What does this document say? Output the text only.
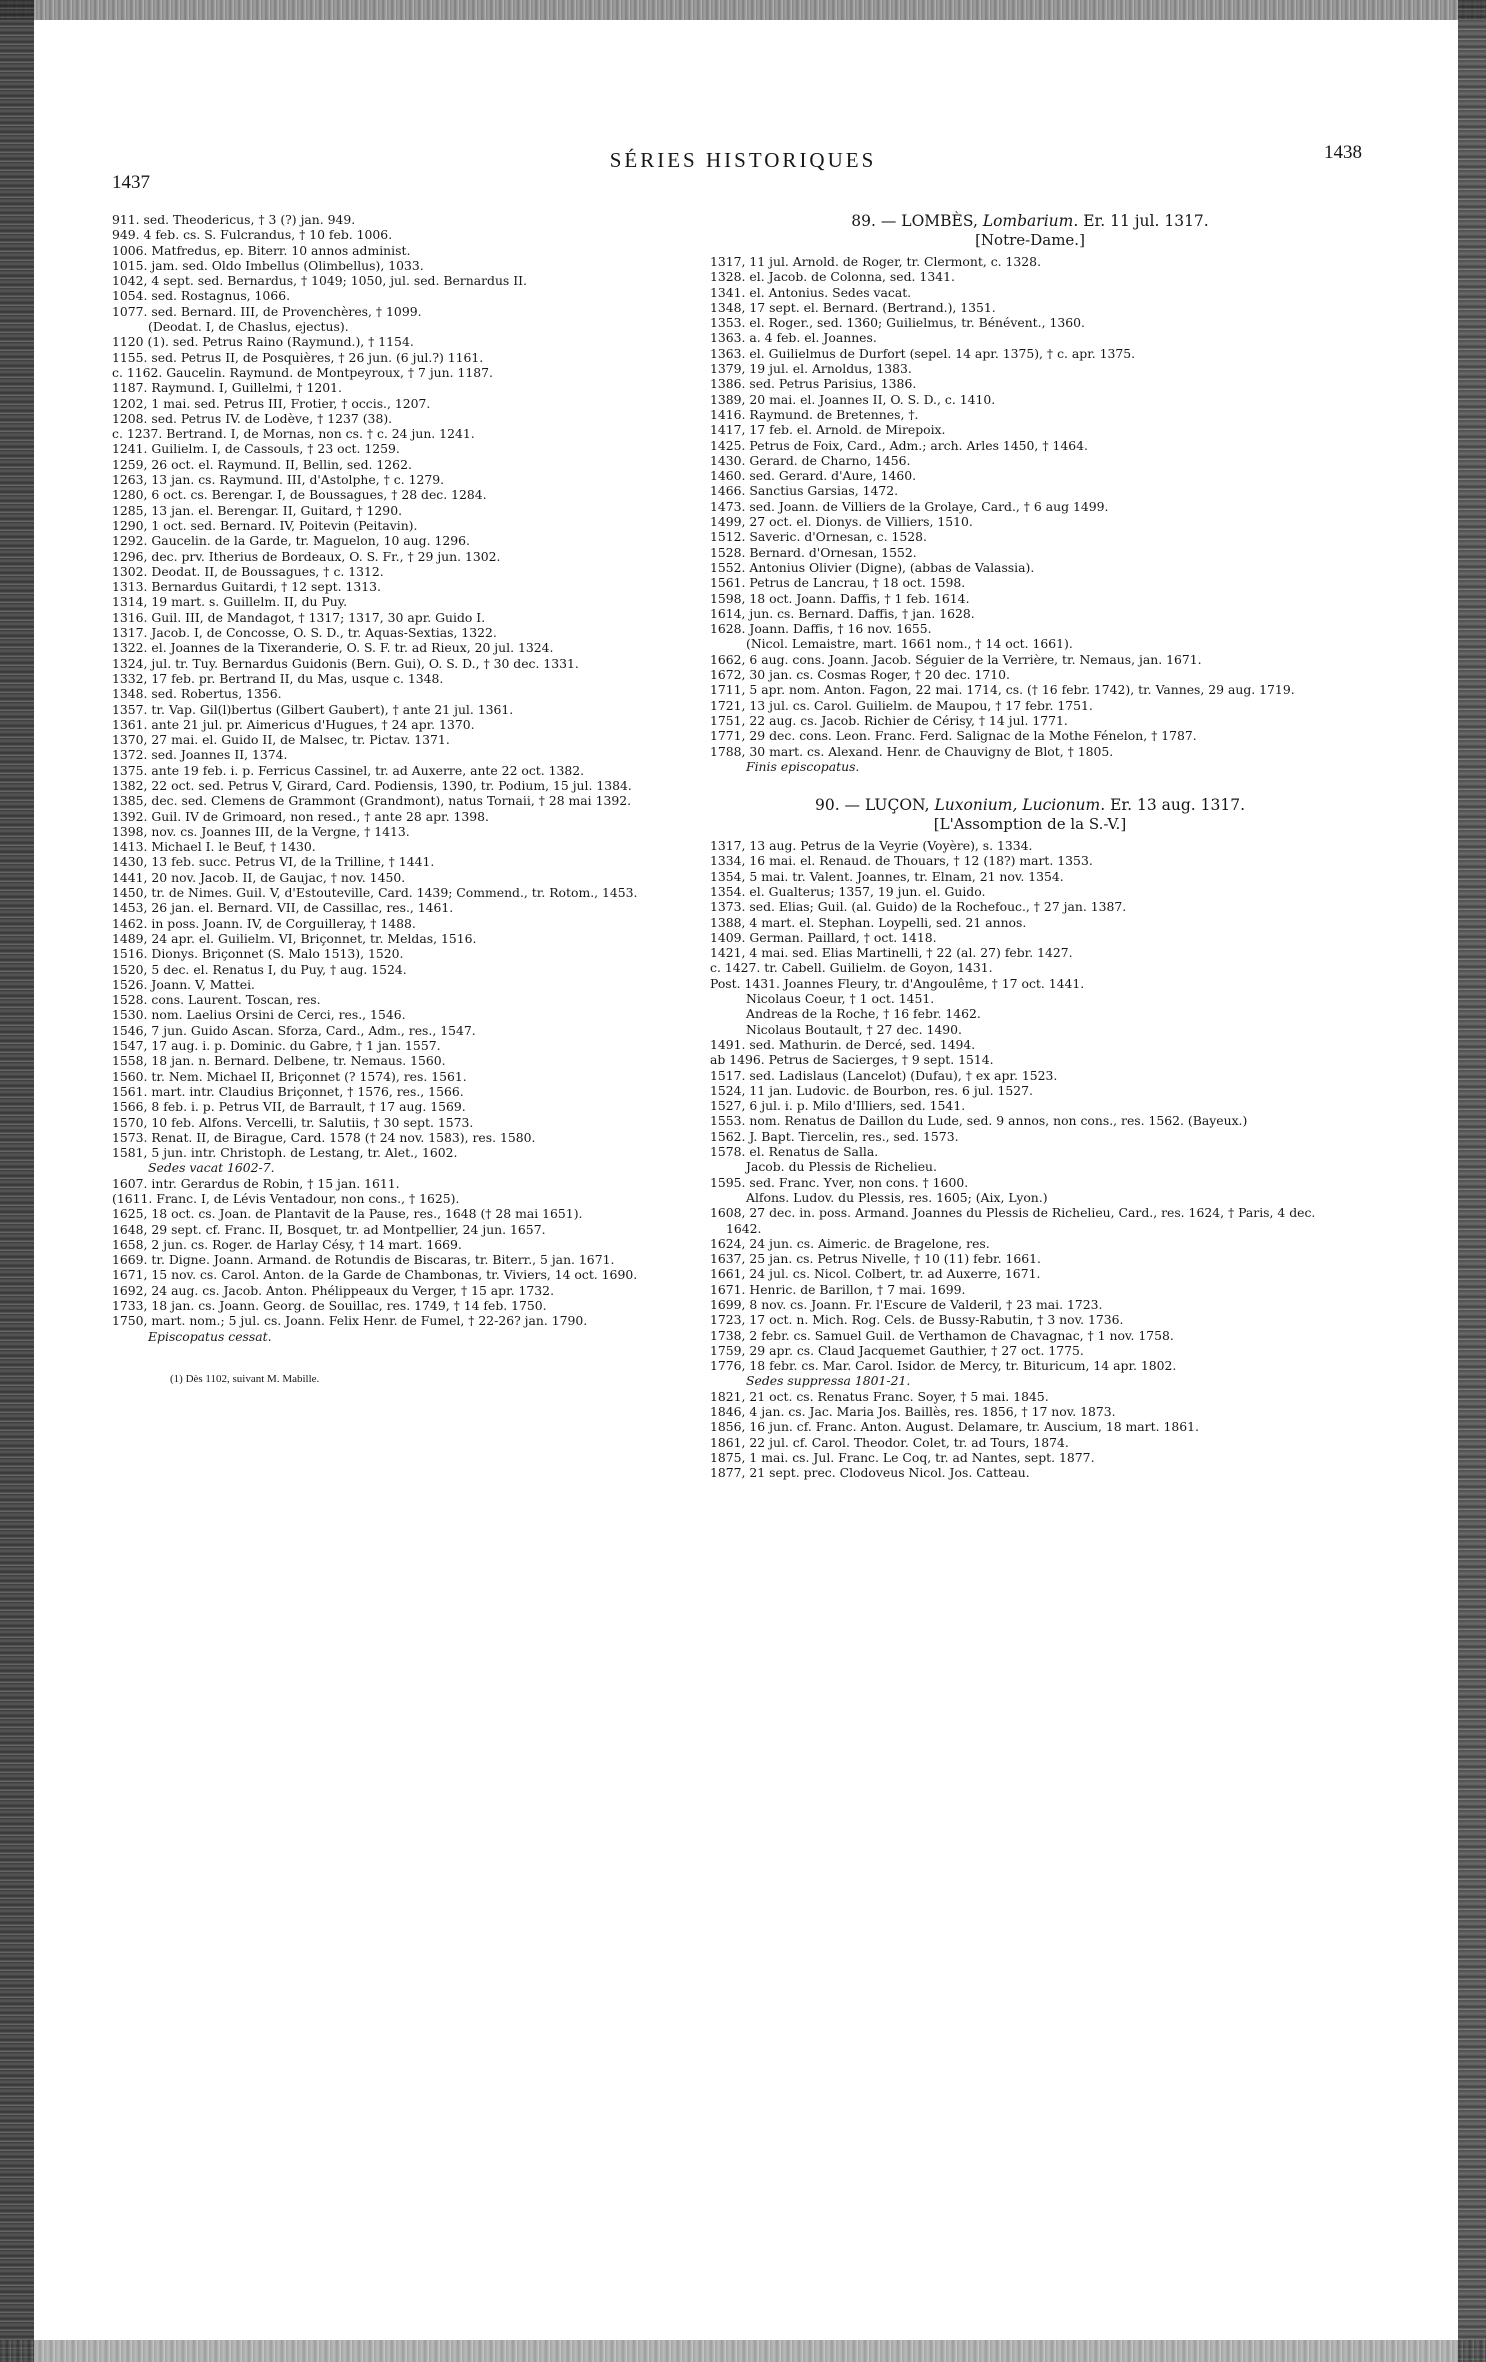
1437
SÉRIES HISTORIQUES	1438
911. sed. Theodericus, † 3 (?) jan. 949.
949. 4 feb. cs. S. Fulcrandus, † 10 feb. 1006.
1006. Matfredus, ep. Biterr. 10 annos administ.
1015. jam. sed. Oldo Imbellus (Olimbellus), 1033.
1042, 4 sept. sed. Bernardus, † 1049; 1050, jul. sed. Bernardus II.
1054. sed. Rostagnus, 1066.
1077. sed. Bernard. III, de Provenchères, † 1099.
(Deodat. I, de Chaslus, ejectus).
1120 (1). sed. Petrus Raino (Raymund.), † 1154.
1155. sed. Petrus II, de Posquières, † 26 jun. (6 jul.?) 1161.
c. 1162. Gaucelin. Raymund. de Montpeyroux, † 7 jun. 1187.
1187. Raymund. I, Guillelmi, † 1201.
1202, 1 mai. sed. Petrus III, Frotier, † occis., 1207.
1208. sed. Petrus IV. de Lodève, † 1237 (38).
c. 1237. Bertrand. I, de Mornas, non cs. † c. 24 jun. 1241.
1241. Guilielm. I, de Cassouls, † 23 oct. 1259.
1259, 26 oct. el. Raymund. II, Bellin, sed. 1262.
1263, 13 jan. cs. Raymund. III, d'Astolphe, † c. 1279.
1280, 6 oct. cs. Berengar. I, de Boussagues, † 28 dec. 1284.
1285, 13 jan. el. Berengar. II, Guitard, † 1290.
1290, 1 oct. sed. Bernard. IV, Poitevin (Peitavin).
1292. Gaucelin. de la Garde, tr. Maguelon, 10 aug. 1296.
1296, dec. prv. Itherius de Bordeaux, O. S. Fr., † 29 jun. 1302.
1302. Deodat. II, de Boussagues, † c. 1312.
1313. Bernardus Guitardi, † 12 sept. 1313.
1314, 19 mart. s. Guillelm. II, du Puy.
1316. Guil. III, de Mandagot, † 1317; 1317, 30 apr. Guido I.
1317. Jacob. I, de Concosse, O. S. D., tr. Aquas-Sextias, 1322.
1322. el. Joannes de la Tixeranderie, O. S. F. tr. ad Rieux, 20 jul. 1324.
1324, jul. tr. Tuy. Bernardus Guidonis (Bern. Gui), O. S. D., † 30 dec. 1331.
1332, 17 feb. pr. Bertrand II, du Mas, usque c. 1348.
1348. sed. Robertus, 1356.
1357. tr. Vap. Gil(l)bertus (Gilbert Gaubert), † ante 21 jul. 1361.
1361. ante 21 jul. pr. Aimericus d'Hugues, † 24 apr. 1370.
1370, 27 mai. el. Guido II, de Malsec, tr. Pictav. 1371.
1372. sed. Joannes II, 1374.
1375. ante 19 feb. i. p. Ferricus Cassinel, tr. ad Auxerre, ante 22 oct. 1382.
1382, 22 oct. sed. Petrus V, Girard, Card. Podiensis, 1390, tr. Podium, 15 jul. 1384.
1385, dec. sed. Clemens de Grammont (Grandmont), natus Tornaii, † 28 mai 1392.
1392. Guil. IV de Grimoard, non resed., † ante 28 apr. 1398.
1398, nov. cs. Joannes III, de la Vergne, † 1413.
1413. Michael I. le Beuf, † 1430.
1430, 13 feb. succ. Petrus VI, de la Trilline, † 1441.
1441, 20 nov. Jacob. II, de Gaujac, † nov. 1450.
1450, tr. de Nimes. Guil. V, d'Estouteville, Card. 1439; Commend., tr. Rotom., 1453.
1453, 26 jan. el. Bernard. VII, de Cassillac, res., 1461.
1462. in poss. Joann. IV, de Corguilleray, † 1488.
1489, 24 apr. el. Guilielm. VI, Briçonnet, tr. Meldas, 1516.
1516. Dionys. Briçonnet (S. Malo 1513), 1520.
1520, 5 dec. el. Renatus I, du Puy, † aug. 1524.
1526. Joann. V, Mattei.
1528. cons. Laurent. Toscan, res.
1530. nom. Laelius Orsini de Cerci, res., 1546.
1546, 7 jun. Guido Ascan. Sforza, Card., Adm., res., 1547.
1547, 17 aug. i. p. Dominic. du Gabre, † 1 jan. 1557.
1558, 18 jan. n. Bernard. Delbene, tr. Nemaus. 1560.
1560. tr. Nem. Michael II, Briçonnet (? 1574), res. 1561.
1561. mart. intr. Claudius Briçonnet, † 1576, res., 1566.
1566, 8 feb. i. p. Petrus VII, de Barrault, † 17 aug. 1569.
1570, 10 feb. Alfons. Vercelli, tr. Salutiis, † 30 sept. 1573.
1573. Renat. II, de Birague, Card. 1578 († 24 nov. 1583), res. 1580.
1581, 5 jun. intr. Christoph. de Lestang, tr. Alet., 1602.
Sedes vacat 1602-7.
1607. intr. Gerardus de Robin, † 15 jan. 1611.
(1611. Franc. I, de Lévis Ventadour, non cons., † 1625).
1625, 18 oct. cs. Joan. de Plantavit de la Pause, res., 1648 († 28 mai 1651).
1648, 29 sept. cf. Franc. II, Bosquet, tr. ad Montpellier, 24 jun. 1657.
1658, 2 jun. cs. Roger. de Harlay Césy, † 14 mart. 1669.
1669. tr. Digne. Joann. Armand. de Rotundis de Biscaras, tr. Biterr., 5 jan. 1671.
1671, 15 nov. cs. Carol. Anton. de la Garde de Chambonas, tr. Viviers, 14 oct. 1690.
1692, 24 aug. cs. Jacob. Anton. Phélippeaux du Verger, † 15 apr. 1732.
1733, 18 jan. cs. Joann. Georg. de Souillac, res. 1749, † 14 feb. 1750.
1750, mart. nom.; 5 jul. cs. Joann. Felix Henr. de Fumel, † 22-26? jan. 1790.
Episcopatus cessat.
(1) Dès 1102, suivant M. Mabille.
89. — LOMBÈS, Lombarium. Er. 11 jul. 1317.
[Notre-Dame.]
1317, 11 jul. Arnold. de Roger, tr. Clermont, c. 1328.
1328. el. Jacob. de Colonna, sed. 1341.
1341. el. Antonius. Sedes vacat.
1348, 17 sept. el. Bernard. (Bertrand.), 1351.
1353. el. Roger., sed. 1360; Guilielmus, tr. Bénévent., 1360.
1363. a. 4 feb. el. Joannes.
1363. el. Guilielmus de Durfort (sepel. 14 apr. 1375), † c. apr. 1375.
1379, 19 jul. el. Arnoldus, 1383.
1386. sed. Petrus Parisius, 1386.
1389, 20 mai. el. Joannes II, O. S. D., c. 1410.
1416. Raymund. de Bretennes, †.
1417, 17 feb. el. Arnold. de Mirepoix.
1425. Petrus de Foix, Card., Adm.; arch. Arles 1450, † 1464.
1430. Gerard. de Charno, 1456.
1460. sed. Gerard. d'Aure, 1460.
1466. Sanctius Garsias, 1472.
1473. sed. Joann. de Villiers de la Grolaye, Card., † 6 aug 1499.
1499, 27 oct. el. Dionys. de Villiers, 1510.
1512. Saveric. d'Ornesan, c. 1528.
1528. Bernard. d'Ornesan, 1552.
1552. Antonius Olivier (Digne), (abbas de Valassia).
1561. Petrus de Lancrau, † 18 oct. 1598.
1598, 18 oct. Joann. Daffis, † 1 feb. 1614.
1614, jun. cs. Bernard. Daffis, † jan. 1628.
1628. Joann. Daffis, † 16 nov. 1655.
(Nicol. Lemaistre, mart. 1661 nom., † 14 oct. 1661).
1662, 6 aug. cons. Joann. Jacob. Séguier de la Verrière, tr. Nemaus, jan. 1671.
1672, 30 jan. cs. Cosmas Roger, † 20 dec. 1710.
1711, 5 apr. nom. Anton. Fagon, 22 mai. 1714, cs. († 16 febr. 1742), tr. Vannes, 29 aug. 1719.
1721, 13 jul. cs. Carol. Guilielm. de Maupou, † 17 febr. 1751.
1751, 22 aug. cs. Jacob. Richier de Cérisy, † 14 jul. 1771.
1771, 29 dec. cons. Leon. Franc. Ferd. Salignac de la Mothe Fénelon, † 1787.
1788, 30 mart. cs. Alexand. Henr. de Chauvigny de Blot, † 1805.
Finis episcopatus.
90. — LUÇON, Luxonium, Lucionum. Er. 13 aug. 1317.
[L'Assomption de la S.-V.]
1317, 13 aug. Petrus de la Veyrie (Voyère), s. 1334.
1334, 16 mai. el. Renaud. de Thouars, † 12 (18?) mart. 1353.
1354, 5 mai. tr. Valent. Joannes, tr. Elnam, 21 nov. 1354.
1354. el. Gualterus; 1357, 19 jun. el. Guido.
1373. sed. Elias; Guil. (al. Guido) de la Rochefouc., † 27 jan. 1387.
1388, 4 mart. el. Stephan. Loypelli, sed. 21 annos.
1409. German. Paillard, † oct. 1418.
1421, 4 mai. sed. Elias Martinelli, † 22 (al. 27) febr. 1427.
c. 1427. tr. Cabell. Guilielm. de Goyon, 1431.
Post. 1431. Joannes Fleury, tr. d'Angoulême, † 17 oct. 1441.
Nicolaus Coeur, † 1 oct. 1451.
Andreas de la Roche, † 16 febr. 1462.
Nicolaus Boutault, † 27 dec. 1490.
1491. sed. Mathurin. de Dercé, sed. 1494.
ab 1496. Petrus de Sacierges, † 9 sept. 1514.
1517. sed. Ladislaus (Lancelot) (Dufau), † ex apr. 1523.
1524, 11 jan. Ludovic. de Bourbon, res. 6 jul. 1527.
1527, 6 jul. i. p. Milo d'Illiers, sed. 1541.
1553. nom. Renatus de Daillon du Lude, sed. 9 annos, non cons., res. 1562. (Bayeux.)
1562. J. Bapt. Tiercelin, res., sed. 1573.
1578. el. Renatus de Salla.
Jacob. du Plessis de Richelieu.
1595. sed. Franc. Yver, non cons. † 1600.
Alfons. Ludov. du Plessis, res. 1605; (Aix, Lyon.)
1608, 27 dec. in. poss. Armand. Joannes du Plessis de Richelieu, Card., res. 1624, † Paris, 4 dec. 1642.
1624, 24 jun. cs. Aimeric. de Bragelone, res.
1637, 25 jan. cs. Petrus Nivelle, † 10 (11) febr. 1661.
1661, 24 jul. cs. Nicol. Colbert, tr. ad Auxerre, 1671.
1671. Henric. de Barillon, † 7 mai. 1699.
1699, 8 nov. cs. Joann. Fr. l'Escure de Valderil, † 23 mai. 1723.
1723, 17 oct. n. Mich. Rog. Cels. de Bussy-Rabutin, † 3 nov. 1736.
1738, 2 febr. cs. Samuel Guil. de Verthamon de Chavagnac, † 1 nov. 1758.
1759, 29 apr. cs. Claud Jacquemet Gauthier, † 27 oct. 1775.
1776, 18 febr. cs. Mar. Carol. Isidor. de Mercy, tr. Bituricum, 14 apr. 1802.
Sedes suppressa 1801-21.
1821, 21 oct. cs. Renatus Franc. Soyer, † 5 mai. 1845.
1846, 4 jan. cs. Jac. Maria Jos. Baillès, res. 1856, † 17 nov. 1873.
1856, 16 jun. cf. Franc. Anton. August. Delamare, tr. Auscium, 18 mart. 1861.
1861, 22 jul. cf. Carol. Theodor. Colet, tr. ad Tours, 1874.
1875, 1 mai. cs. Jul. Franc. Le Coq, tr. ad Nantes, sept. 1877.
1877, 21 sept. prec. Clodoveus Nicol. Jos. Catteau.
